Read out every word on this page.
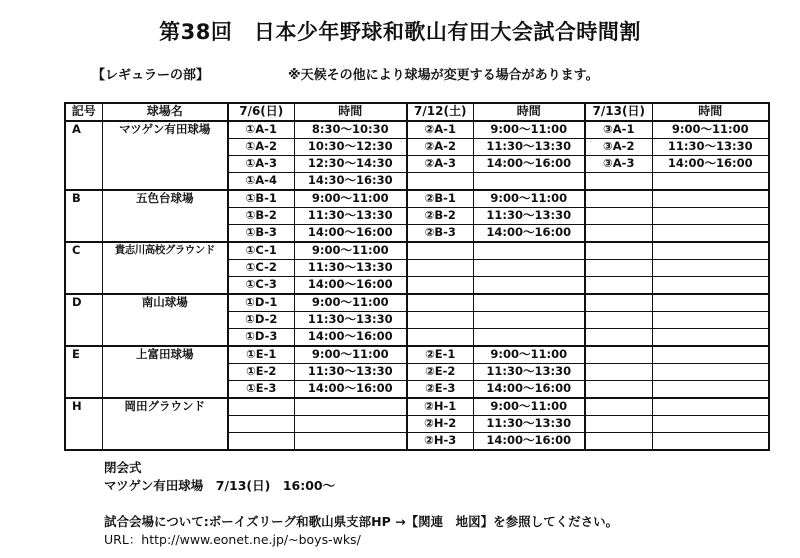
第38回　日本少年野球和歌山有田大会試合時間割
【レギュラーの部】	※天候その他により球場が変更する場合があります。
記号	球場名	7/6(日)	時間	7/12(土)	時間	7/13(日)	時間
A	マツゲン有田球場	①A-1	8:30～10:30	②A-1	9:00～11:00	③A-1	9:00～11:00
		①A-2	10:30～12:30	②A-2	11:30～13:30	③A-2	11:30～13:30
		①A-3	12:30～14:30	②A-3	14:00～16:00	③A-3	14:00～16:00
		①A-4	14:30～16:30				
B	五色台球場	①B-1	9:00～11:00	②B-1	9:00～11:00		
		①B-2	11:30～13:30	②B-2	11:30～13:30		
		①B-3	14:00～16:00	②B-3	14:00～16:00		
C	貴志川高校グラウンド	①C-1	9:00～11:00				
		①C-2	11:30～13:30				
		①C-3	14:00～16:00				
D	南山球場	①D-1	9:00～11:00				
		①D-2	11:30～13:30				
		①D-3	14:00～16:00				
E	上富田球場	①E-1	9:00～11:00	②E-1	9:00～11:00		
		①E-2	11:30～13:30	②E-2	11:30～13:30		
		①E-3	14:00～16:00	②E-3	14:00～16:00		
H	岡田グラウンド			②H-1	9:00～11:00		
				②H-2	11:30～13:30		
				②H-3	14:00～16:00		
閉会式
マツゲン有田球場　7/13(日)　16:00～
試合会場について:ボーイズリーグ和歌山県支部HP →【関連　地図】を参照してください。
URL：http://www.eonet.ne.jp/~boys-wks/
